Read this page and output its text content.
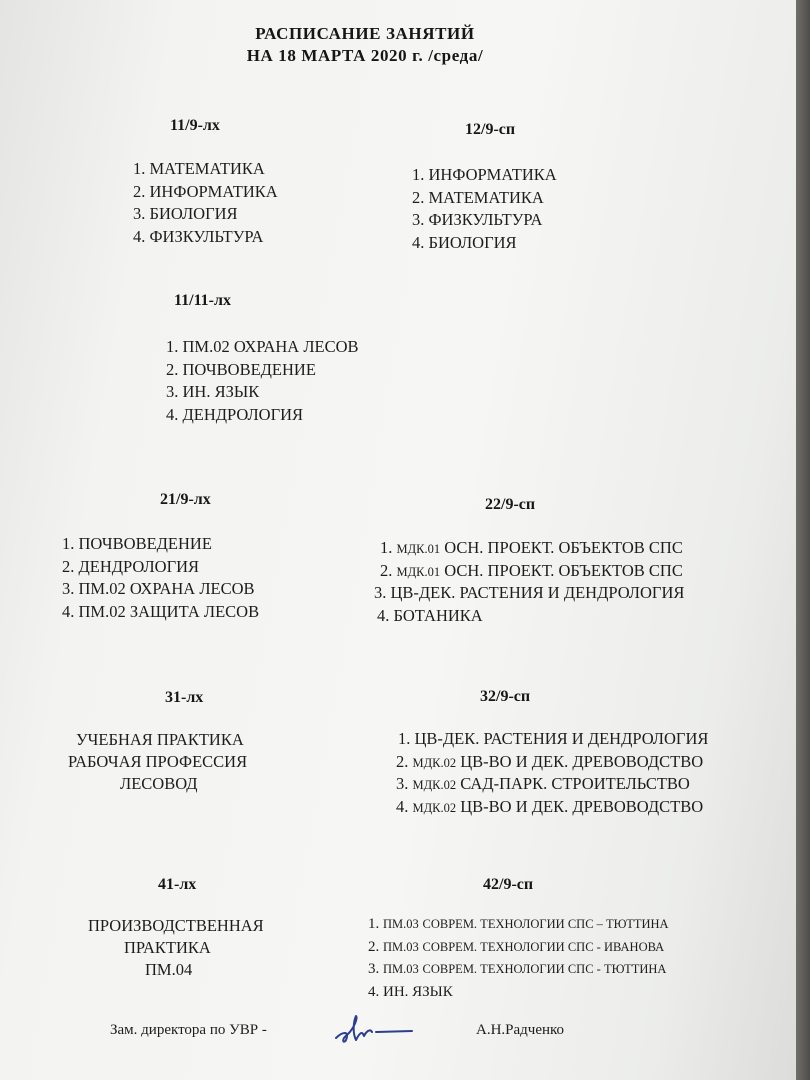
РАСПИСАНИЕ ЗАНЯТИЙ
НА 18 МАРТА 2020 г. /среда/
11/9-лх
1. МАТЕМАТИКА
2. ИНФОРМАТИКА
3. БИОЛОГИЯ
4. ФИЗКУЛЬТУРА
12/9-сп
1. ИНФОРМАТИКА
2. МАТЕМАТИКА
3. ФИЗКУЛЬТУРА
4. БИОЛОГИЯ
11/11-лх
1. ПМ.02 ОХРАНА ЛЕСОВ
2. ПОЧВОВЕДЕНИЕ
3. ИН. ЯЗЫК
4. ДЕНДРОЛОГИЯ
21/9-лх
1. ПОЧВОВЕДЕНИЕ
2. ДЕНДРОЛОГИЯ
3. ПМ.02 ОХРАНА ЛЕСОВ
4. ПМ.02 ЗАЩИТА ЛЕСОВ
22/9-сп
1. МДК.01 ОСН. ПРОЕКТ. ОБЪЕКТОВ СПС
2. МДК.01 ОСН. ПРОЕКТ. ОБЪЕКТОВ СПС
3. ЦВ-ДЕК. РАСТЕНИЯ И ДЕНДРОЛОГИЯ
4. БОТАНИКА
31-лх
УЧЕБНАЯ ПРАКТИКА
РАБОЧАЯ ПРОФЕССИЯ
ЛЕСОВОД
32/9-сп
1. ЦВ-ДЕК. РАСТЕНИЯ И ДЕНДРОЛОГИЯ
2. МДК.02 ЦВ-ВО И ДЕК. ДРЕВОВОДСТВО
3. МДК.02 САД-ПАРК. СТРОИТЕЛЬСТВО
4. МДК.02 ЦВ-ВО И ДЕК. ДРЕВОВОДСТВО
41-лх
ПРОИЗВОДСТВЕННАЯ
ПРАКТИКА
ПМ.04
42/9-сп
1. ПМ.03 СОВРЕМ. ТЕХНОЛОГИИ СПС – ТЮТТИНА
2. ПМ.03 СОВРЕМ. ТЕХНОЛОГИИ СПС - ИВАНОВА
3. ПМ.03 СОВРЕМ. ТЕХНОЛОГИИ СПС - ТЮТТИНА
4. ИН. ЯЗЫК
Зам. директора по УВР -	А.Н.Радченко
